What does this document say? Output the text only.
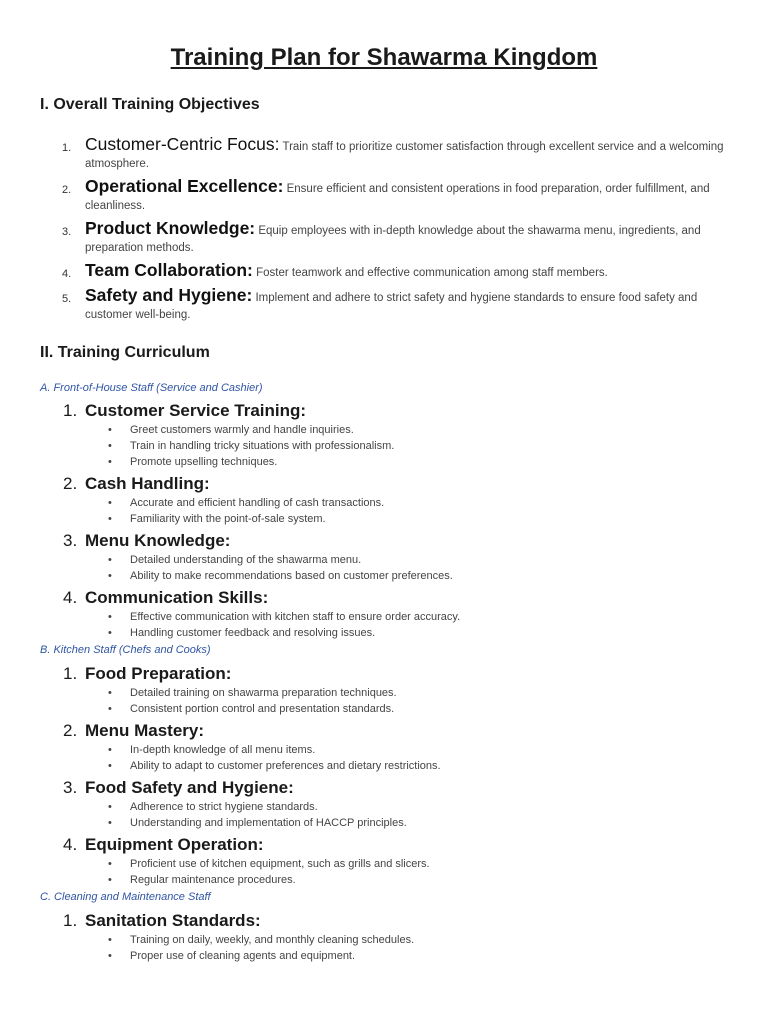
Training Plan for Shawarma Kingdom
I. Overall Training Objectives
1. Customer-Centric Focus: Train staff to prioritize customer satisfaction through excellent service and a welcoming atmosphere.
2. Operational Excellence: Ensure efficient and consistent operations in food preparation, order fulfillment, and cleanliness.
3. Product Knowledge: Equip employees with in-depth knowledge about the shawarma menu, ingredients, and preparation methods.
4. Team Collaboration: Foster teamwork and effective communication among staff members.
5. Safety and Hygiene: Implement and adhere to strict safety and hygiene standards to ensure food safety and customer well-being.
II. Training Curriculum

A. Front-of-House Staff (Service and Cashier)

1. Customer Service Training:

• Greet customers warmly and handle inquiries.
• Train in handling tricky situations with professionalism.
• Promote upselling techniques.

2. Cash Handling:

• Accurate and efficient handling of cash transactions.
• Familiarity with the point-of-sale system.

3. Menu Knowledge:

• Detailed understanding of the shawarma menu.
• Ability to make recommendations based on customer preferences.

4. Communication Skills:

• Effective communication with kitchen staff to ensure order accuracy.
• Handling customer feedback and resolving issues.

B. Kitchen Staff (Chefs and Cooks)

1. Food Preparation:

• Detailed training on shawarma preparation techniques.
• Consistent portion control and presentation standards.

2. Menu Mastery:

• In-depth knowledge of all menu items.
• Ability to adapt to customer preferences and dietary restrictions.

3. Food Safety and Hygiene:

• Adherence to strict hygiene standards.
• Understanding and implementation of HACCP principles.

4. Equipment Operation:

• Proficient use of kitchen equipment, such as grills and slicers.
• Regular maintenance procedures.

C. Cleaning and Maintenance Staff

1. Sanitation Standards:

• Training on daily, weekly, and monthly cleaning schedules.
• Proper use of cleaning agents and equipment.
